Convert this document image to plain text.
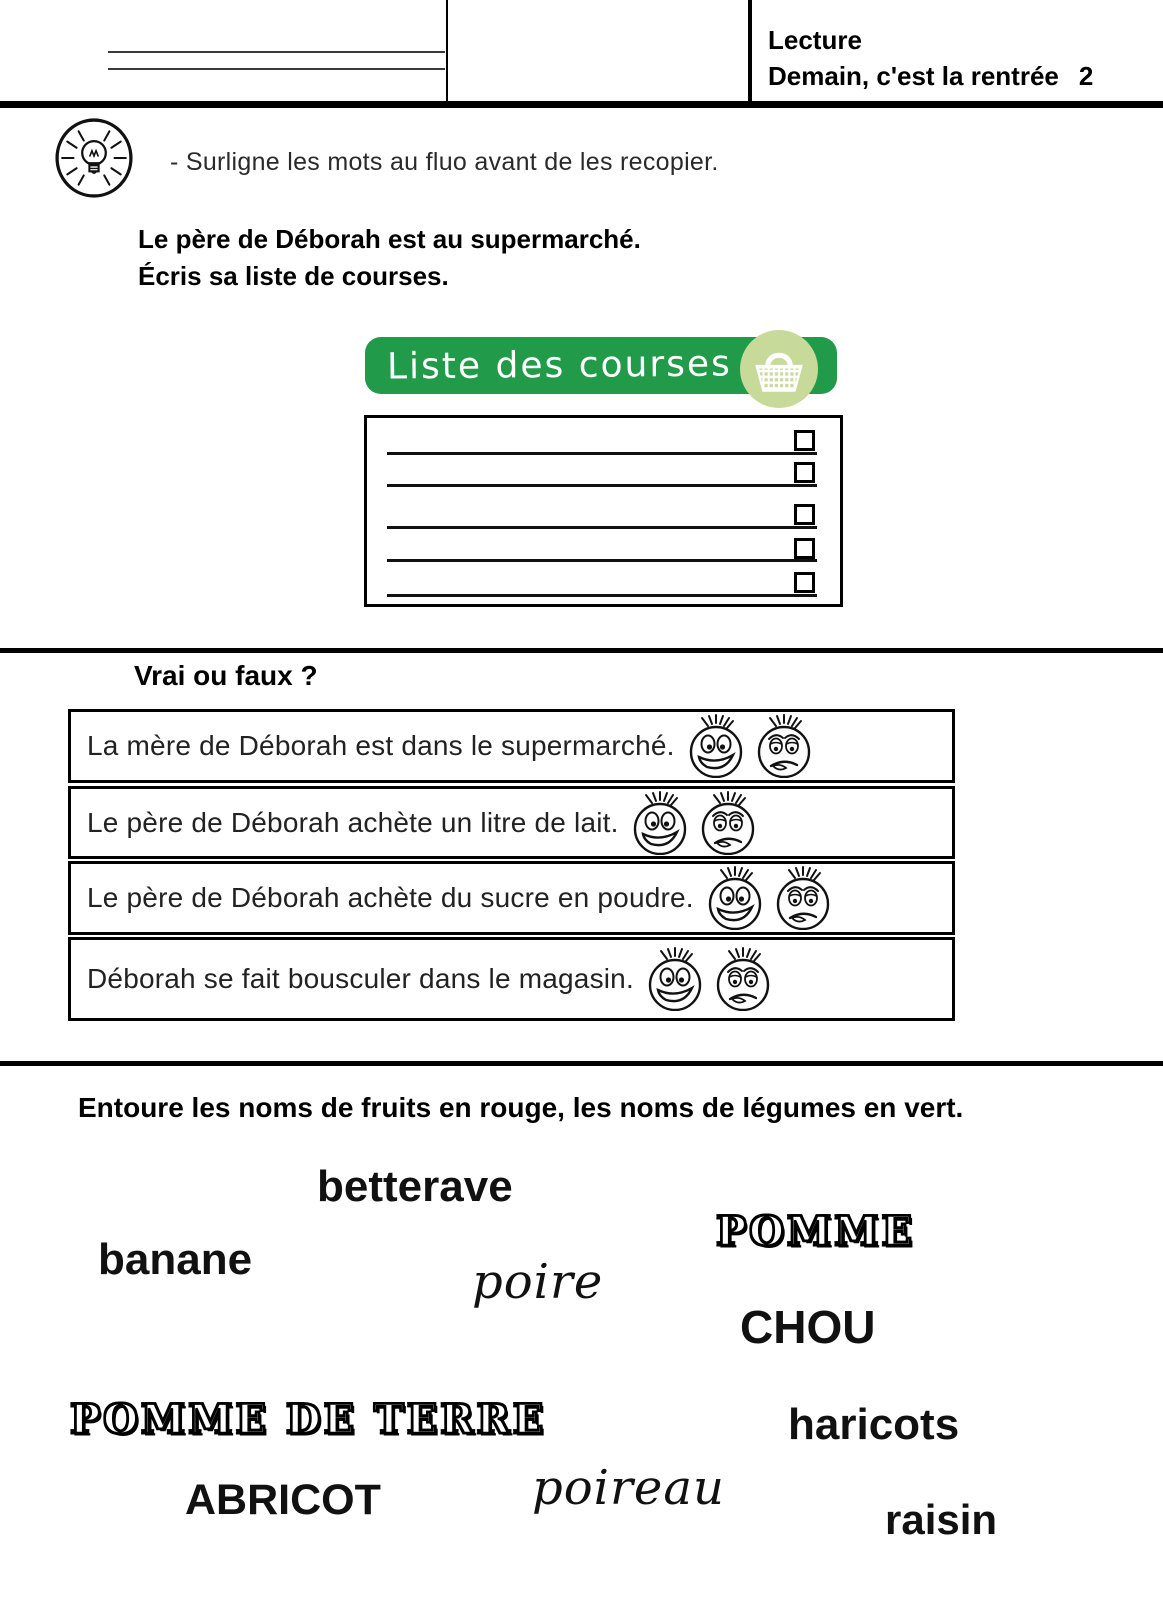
Lecture
Demain, c'est la rentrée 2
- Surligne les mots au fluo avant de les recopier.
Le père de Déborah est au supermarché.
Écris sa liste de courses.
Liste des courses
Vrai ou faux ?
La mère de Déborah est dans le supermarché.
Le père de Déborah achète un litre de lait.
Le père de Déborah achète du sucre en poudre.
Déborah se fait bousculer dans le magasin.
Entoure les noms de fruits en rouge, les noms de légumes en vert.
betterave
banane
POMME
poire
CHOU
POMME DE TERRE	haricots
ABRICOT	poireau
raisin
